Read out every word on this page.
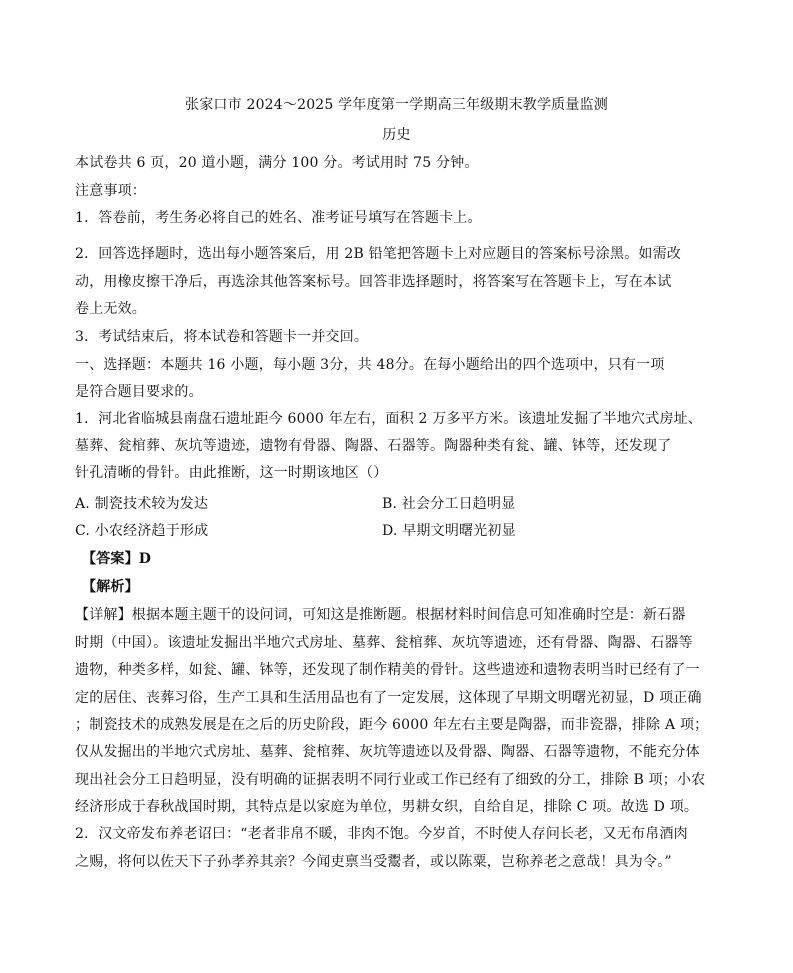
张家口市 2024～2025 学年度第一学期高三年级期末教学质量监测
历史
本试卷共 6 页，20 道小题，满分 100 分。考试用时 75 分钟。
注意事项：
1．答卷前，考生务必将自己的姓名、准考证号填写在答题卡上。
2．回答选择题时，选出每小题答案后，用 2B 铅笔把答题卡上对应题目的答案标号涂黑。如需改
动，用橡皮擦干净后，再选涂其他答案标号。回答非选择题时，将答案写在答题卡上，写在本试
卷上无效。
3．考试结束后，将本试卷和答题卡一并交回。
一、选择题：本题共 16 小题，每小题 3分，共 48分。在每小题给出的四个选项中，只有一项
是符合题目要求的。
1．河北省临城县南盘石遗址距今 6000 年左右，面积 2 万多平方米。该遗址发掘了半地穴式房址、
墓葬、瓮棺葬、灰坑等遗迹，遗物有骨器、陶器、石器等。陶器种类有瓮、罐、钵等，还发现了
针孔清晰的骨针。由此推断，这一时期该地区（）
A. 制瓷技术较为发达	B. 社会分工日趋明显
C. 小农经济趋于形成	D. 早期文明曙光初显
【答案】D
【解析】
【详解】根据本题主题干的设问词，可知这是推断题。根据材料时间信息可知准确时空是：新石器
时期（中国）。该遗址发掘出半地穴式房址、墓葬、瓮棺葬、灰坑等遗迹，还有骨器、陶器、石器等
遗物，种类多样，如瓮、罐、钵等，还发现了制作精美的骨针。这些遗迹和遗物表明当时已经有了一
定的居住、丧葬习俗，生产工具和生活用品也有了一定发展，这体现了早期文明曙光初显，D 项正确
；制瓷技术的成熟发展是在之后的历史阶段，距今 6000 年左右主要是陶器，而非瓷器，排除 A 项；
仅从发掘出的半地穴式房址、墓葬、瓮棺葬、灰坑等遗迹以及骨器、陶器、石器等遗物，不能充分体
现出社会分工日趋明显，没有明确的证据表明不同行业或工作已经有了细致的分工，排除 B 项；小农
经济形成于春秋战国时期，其特点是以家庭为单位，男耕女织，自给自足，排除 C 项。故选 D 项。
2．汉文帝发布养老诏曰：“老者非帛不暖，非肉不饱。今岁首，不时使人存问长老，又无布帛酒肉
之赐，将何以佐天下子孙孝养其亲？今闻吏禀当受鬻者，或以陈粟，岂称养老之意哉！具为令。”
